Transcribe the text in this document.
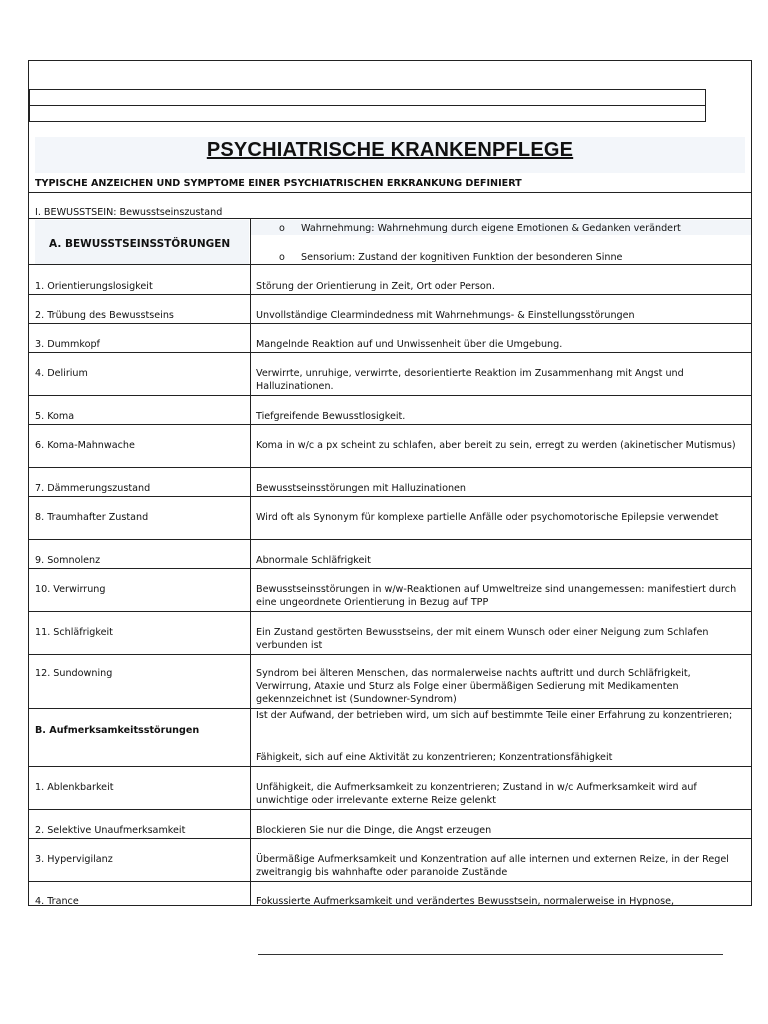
PSYCHIATRISCHE KRANKENPFLEGE
TYPISCHE ANZEICHEN UND SYMPTOME EINER PSYCHIATRISCHEN ERKRANKUNG DEFINIERT
I. BEWUSSTSEIN: Bewusstseinszustand
A. BEWUSSTSEINSSTÖRUNGEN
o Wahrnehmung: Wahrnehmung durch eigene Emotionen & Gedanken verändert
o Sensorium: Zustand der kognitiven Funktion der besonderen Sinne
1. Orientierungslosigkeit	Störung der Orientierung in Zeit, Ort oder Person.
2. Trübung des Bewusstseins	Unvollständige Clearmindedness mit Wahrnehmungs- & Einstellungsstörungen
3. Dummkopf	Mangelnde Reaktion auf und Unwissenheit über die Umgebung.
4. Delirium	Verwirrte, unruhige, verwirrte, desorientierte Reaktion im Zusammenhang mit Angst und Halluzinationen.
5. Koma	Tiefgreifende Bewusstlosigkeit.
6. Koma-Mahnwache	Koma in w/c a px scheint zu schlafen, aber bereit zu sein, erregt zu werden (akinetischer Mutismus)
7. Dämmerungszustand	Bewusstseinsstörungen mit Halluzinationen
8. Traumhafter Zustand	Wird oft als Synonym für komplexe partielle Anfälle oder psychomotorische Epilepsie verwendet
9. Somnolenz	Abnormale Schläfrigkeit
10. Verwirrung	Bewusstseinsstörungen in w/w-Reaktionen auf Umweltreize sind unangemessen: manifestiert durch eine ungeordnete Orientierung in Bezug auf TPP
11. Schläfrigkeit	Ein Zustand gestörten Bewusstseins, der mit einem Wunsch oder einer Neigung zum Schlafen verbunden ist
12. Sundowning	Syndrom bei älteren Menschen, das normalerweise nachts auftritt und durch Schläfrigkeit, Verwirrung, Ataxie und Sturz als Folge einer übermäßigen Sedierung mit Medikamenten gekennzeichnet ist (Sundowner-Syndrom)
B. Aufmerksamkeitsstörungen
Ist der Aufwand, der betrieben wird, um sich auf bestimmte Teile einer Erfahrung zu konzentrieren;
Fähigkeit, sich auf eine Aktivität zu konzentrieren; Konzentrationsfähigkeit
1. Ablenkbarkeit	Unfähigkeit, die Aufmerksamkeit zu konzentrieren; Zustand in w/c Aufmerksamkeit wird auf unwichtige oder irrelevante externe Reize gelenkt
2. Selektive Unaufmerksamkeit	Blockieren Sie nur die Dinge, die Angst erzeugen
3. Hypervigilanz	Übermäßige Aufmerksamkeit und Konzentration auf alle internen und externen Reize, in der Regel zweitrangig bis wahnhafte oder paranoide Zustände
4. Trance	Fokussierte Aufmerksamkeit und verändertes Bewusstsein, normalerweise in Hypnose,
